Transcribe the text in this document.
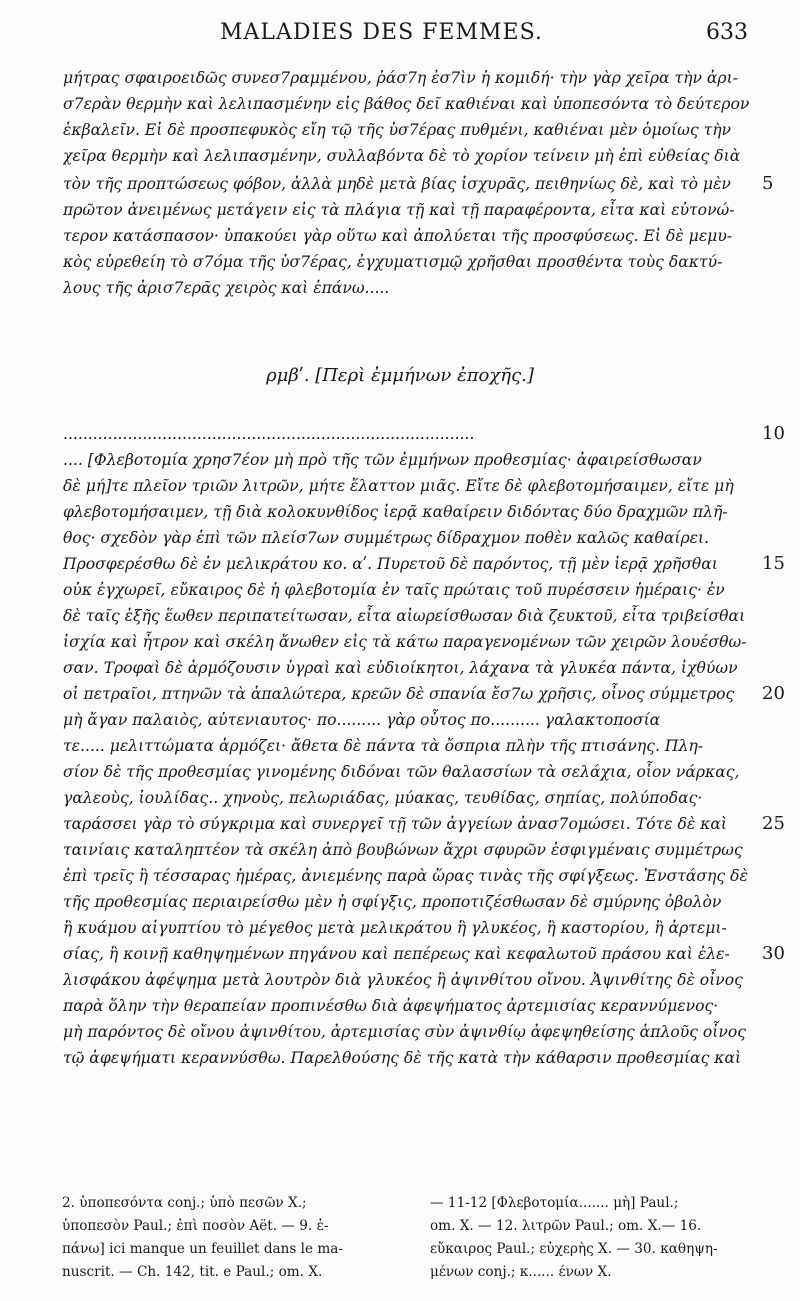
MALADIES DES FEMMES.	633
μήτρας σφαιροειδῶς συνεσ7ραμμένου, ῥάσ7η ἐσ7ὶν ἡ κομιδή· τὴν γὰρ χεῖρα τὴν ἀρι-
σ7ερὰν θερμὴν καὶ λελιπασμένην εἰς βάθος δεῖ καθιέναι καὶ ὑποπεσόντα τὸ δεύτερον
ἐκβαλεῖν. Εἰ δὲ προσπεφυκὸς εἴη τῷ τῆς ὑσ7έρας πυθμένι, καθιέναι μὲν ὁμοίως τὴν
χεῖρα θερμὴν καὶ λελιπασμένην, συλλαβόντα δὲ τὸ χορίον τείνειν μὴ ἐπὶ εὐθείας διὰ
τὸν τῆς προπτώσεως φόβον, ἀλλὰ μηδὲ μετὰ βίας ἰσχυρᾶς, πειθηνίως δὲ, καὶ τὸ μὲν
πρῶτον ἀνειμένως μετάγειν εἰς τὰ πλάγια τῇ καὶ τῇ παραφέροντα, εἶτα καὶ εὐτονώ-
τερον κατάσπασον· ὑπακούει γὰρ οὕτω καὶ ἀπολύεται τῆς προσφύσεως. Εἰ δὲ μεμυ-
κὸς εὑρεθείη τὸ σ7όμα τῆς ὑσ7έρας, ἐγχυματισμῷ χρῆσθαι προσθέντα τοὺς δακτύ-
λους τῆς ἀρισ7ερᾶς χειρὸς καὶ ἐπάνω.....
ρμβʹ. [Περὶ ἐμμήνων ἐποχῆς.]
...................................................................................
.... [Φλεβοτομία χρησ7έον μὴ πρὸ τῆς τῶν ἐμμήνων προθεσμίας· ἀφαιρείσθωσαν
δὲ μή]τε πλεῖον τριῶν λιτρῶν, μήτε ἔλαττον μιᾶς. Εἴτε δὲ φλεβοτομήσαιμεν, εἴτε μὴ
φλεβοτομήσαιμεν, τῇ διὰ κολοκυνθίδος ἱερᾷ καθαίρειν διδόντας δύο δραχμῶν πλῆ-
θος· σχεδὸν γὰρ ἐπὶ τῶν πλείσ7ων συμμέτρως δίδραχμον ποθὲν καλῶς καθαίρει.
Προσφερέσθω δὲ ἐν μελικράτου κο. αʹ. Πυρετοῦ δὲ παρόντος, τῇ μὲν ἱερᾷ χρῆσθαι
οὐκ ἐγχωρεῖ, εὔκαιρος δὲ ἡ φλεβοτομία ἐν ταῖς πρώταις τοῦ πυρέσσειν ἡμέραις· ἐν
δὲ ταῖς ἑξῆς ἕωθεν περιπατείτωσαν, εἶτα αἰωρείσθωσαν διὰ ζευκτοῦ, εἶτα τριβείσθαι
ἰσχία καὶ ἦτρον καὶ σκέλη ἄνωθεν εἰς τὰ κάτω παραγενομένων τῶν χειρῶν λουέσθω-
σαν. Τροφαὶ δὲ ἁρμόζουσιν ὑγραὶ καὶ εὐδιοίκητοι, λάχανα τὰ γλυκέα πάντα, ἰχθύων
οἱ πετραῖοι, πτηνῶν τὰ ἁπαλώτερα, κρεῶν δὲ σπανία ἔσ7ω χρῆσις, οἶνος σύμμετρος
μὴ ἄγαν παλαιὸς, αὐτενιαυτος· πο......... γὰρ οὗτος πο.......... γαλακτοποσία
τε..... μελιττώματα ἁρμόζει· ἄθετα δὲ πάντα τὰ ὄσπρια πλὴν τῆς πτισάνης. Πλη-
σίον δὲ τῆς προθεσμίας γινομένης διδόναι τῶν θαλασσίων τὰ σελάχια, οἷον νάρκας,
γαλεοὺς, ἰουλίδας.. χηνοὺς, πελωριάδας, μύακας, τευθίδας, σηπίας, πολύποδας·
ταράσσει γὰρ τὸ σύγκριμα καὶ συνεργεῖ τῇ τῶν ἀγγείων ἀνασ7ομώσει. Τότε δὲ καὶ
ταινίαις καταληπτέον τὰ σκέλη ἀπὸ βουβώνων ἄχρι σφυρῶν ἐσφιγμέναις συμμέτρως
ἐπὶ τρεῖς ἢ τέσσαρας ἡμέρας, ἀνιεμένης παρὰ ὥρας τινὰς τῆς σφίγξεως. Ἐνστάσης δὲ
τῆς προθεσμίας περιαιρείσθω μὲν ἡ σφίγξις, προποτιζέσθωσαν δὲ σμύρνης ὀβολὸν
ἢ κυάμου αἰγυπτίου τὸ μέγεθος μετὰ μελικράτου ἢ γλυκέος, ἢ καστορίου, ἢ ἀρτεμι-
σίας, ἢ κοινῇ καθηψημένων πηγάνου καὶ πεπέρεως καὶ κεφαλωτοῦ πράσου καὶ ἐλε-
λισφάκου ἀφέψημα μετὰ λουτρὸν διὰ γλυκέος ἢ ἀψινθίτου οἴνου. Ἀψινθίτης δὲ οἶνος
παρὰ ὅλην τὴν θεραπείαν προπινέσθω διὰ ἀφεψήματος ἀρτεμισίας κεραννύμενος·
μὴ παρόντος δὲ οἴνου ἀψινθίτου, ἀρτεμισίας σὺν ἀψινθίῳ ἀφεψηθείσης ἁπλοῦς οἶνος
τῷ ἀφεψήματι κεραννύσθω. Παρελθούσης δὲ τῆς κατὰ τὴν κάθαρσιν προθεσμίας καὶ
5
10
15
20
25
30
2. ὑποπεσόντα conj.; ὑπὸ πεσῶν X.;
ὑποπεσὸν Paul.; ἐπὶ ποσὸν Aët. — 9. ἐ-
πάνω] ici manque un feuillet dans le ma-
nuscrit. — Ch. 142, tit. e Paul.; om. X.
— 11-12 [Φλεβοτομία....... μὴ] Paul.;
om. X. — 12. λιτρῶν Paul.; om. X.— 16.
εὔκαιρος Paul.; εὐχερὴς X. — 30. καθηψη-
μένων conj.; κ...... ένων X.
